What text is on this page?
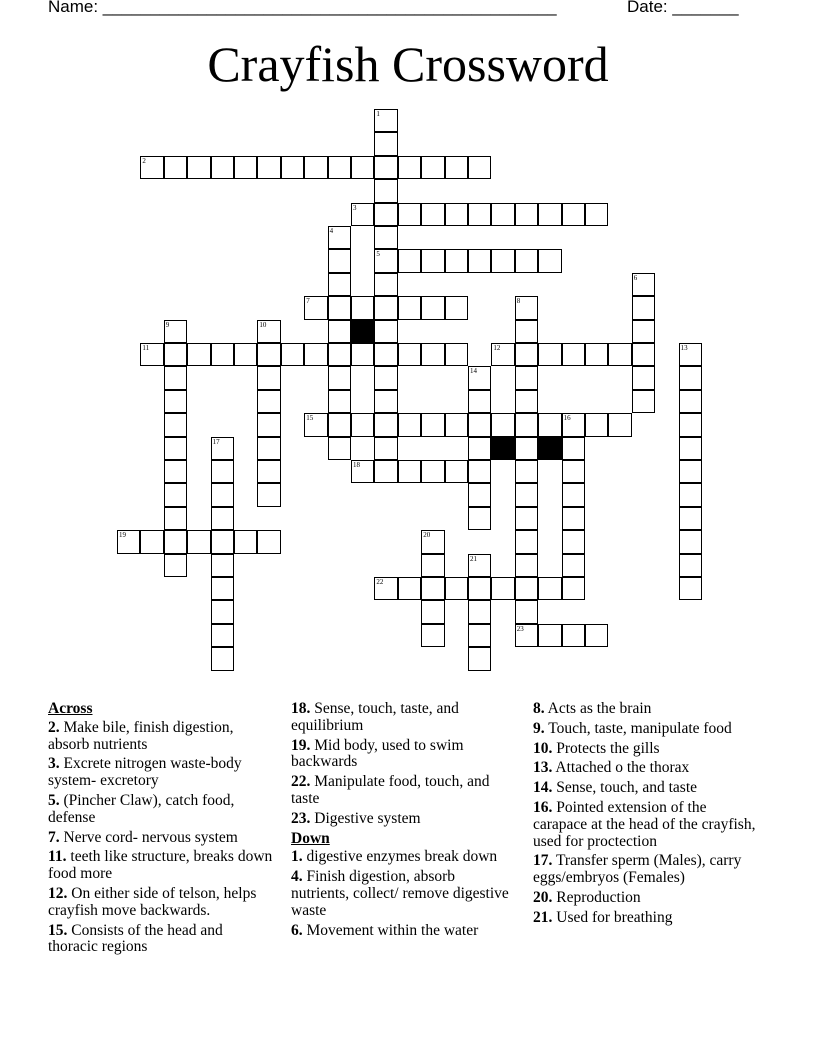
Name: ________________________________________________	Date: _______
Crayfish Crossword
1
2
3
4
5
6
7	8
9	10
11	12	13
14
15	16
17
18
19	20
21
22
23
Across
2. Make bile, finish digestion, absorb nutrients
3. Excrete nitrogen waste-body system- excretory
5. (Pincher Claw), catch food, defense
7. Nerve cord- nervous system
11. teeth like structure, breaks down food more
12. On either side of telson, helps crayfish move backwards.
15. Consists of the head and thoracic regions
18. Sense, touch, taste, and equilibrium
19. Mid body, used to swim backwards
22. Manipulate food, touch, and taste
23. Digestive system
Down
1. digestive enzymes break down
4. Finish digestion, absorb nutrients, collect/ remove digestive waste
6. Movement within the water
8. Acts as the brain
9. Touch, taste, manipulate food
10. Protects the gills
13. Attached o the thorax
14. Sense, touch, and taste
16. Pointed extension of the carapace at the head of the crayfish, used for proctection
17. Transfer sperm (Males), carry eggs/embryos (Females)
20. Reproduction
21. Used for breathing
